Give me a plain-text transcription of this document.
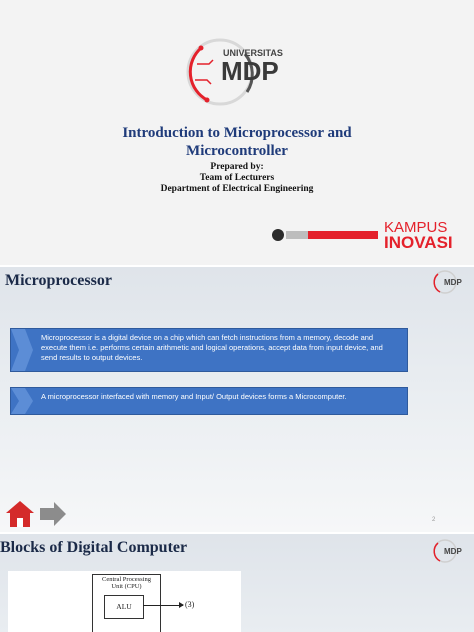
UNIVERSITAS
MDP
Introduction to Microprocessor and
Microcontroller
Prepared by:
Team of Lecturers
Department of Electrical Engineering
KAMPUS
INOVASI
Microprocessor	MDP
Microprocessor is a digital device on a chip which can fetch instructions from a memory, decode and execute them i.e. performs certain arithmetic and logical operations, accept data from input device, and send results to output devices.
A microprocessor interfaced with memory and Input/ Output devices forms a Microcomputer.
2
Blocks of Digital Computer	MDP
Central Processing
Unit (CPU)
ALU	(3)
